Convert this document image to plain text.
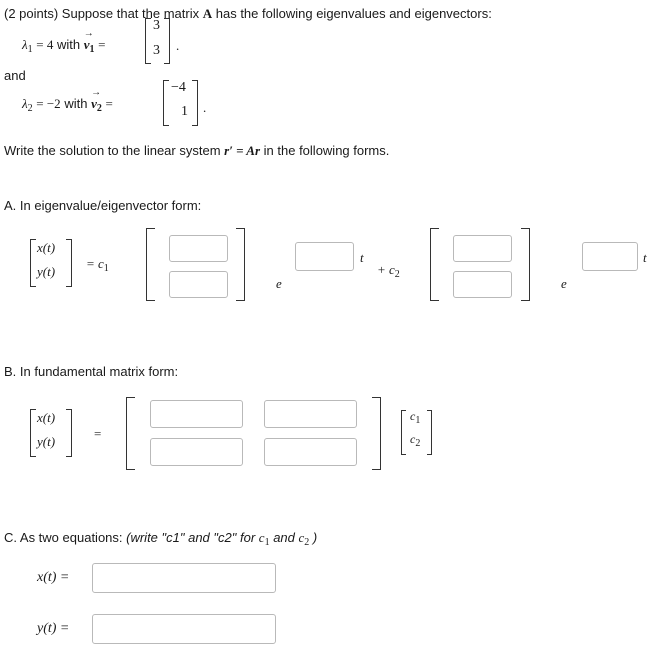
(2 points) Suppose that the matrix A has the following eigenvalues and eigenvectors:
$\lambda_1 = 4$ with → $v_1$ =
3
3 .
and
$\lambda_2 = -2$ with → $v_2$ =
−4
1 .
Write the solution to the linear system r′ = Ar in the following forms.
A. In eigenvalue/eigenvector form:
x(t)
y(t)
= $c_1$
e
t
+ $c_2$
e
t
B. In fundamental matrix form:
x(t)
y(t)
=
$c_1$
$c_2$
C. As two equations: (write "c1" and "c2" for $c_1$ and $c_2$ )
x(t) =
y(t) =
